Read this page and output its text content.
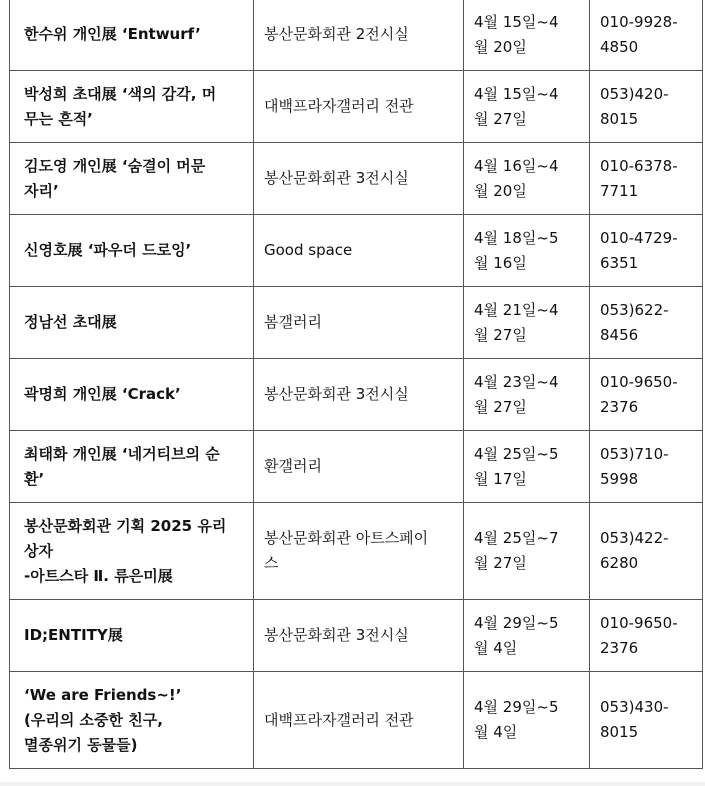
한수위 개인展 ‘Entwurf’	봉산문화회관 2전시실	4월 15일~4
월 20일	010-9928-
4850

박성희 초대展 ‘색의 감각, 머
무는 흔적’	대백프라자갤러리 전관	4월 15일~4
월 27일	053)420-
8015

김도영 개인展 ‘숨결이 머문
자리’	봉산문화회관 3전시실	4월 16일~4
월 20일	010-6378-
7711

신영호展 ‘파우더 드로잉’	Good space	4월 18일~5
월 16일	010-4729-
6351

정남선 초대展	봄갤러리	4월 21일~4
월 27일	053)622-
8456

곽명희 개인展 ‘Crack’	봉산문화회관 3전시실	4월 23일~4
월 27일	010-9650-
2376

최태화 개인展 ‘네거티브의 순
환’	환갤러리	4월 25일~5
월 17일	053)710-
5998

봉산문화회관 기획 2025 유리
상자
-아트스타 Ⅱ. 류은미展	봉산문화회관 아트스페이
스	4월 25일~7
월 27일	053)422-
6280

ID;ENTITY展	봉산문화회관 3전시실	4월 29일~5
월 4일	010-9650-
2376

‘We are Friends~!’
(우리의 소중한 친구,
멸종위기 동물들)	대백프라자갤러리 전관	4월 29일~5
월 4일	053)430-
8015
